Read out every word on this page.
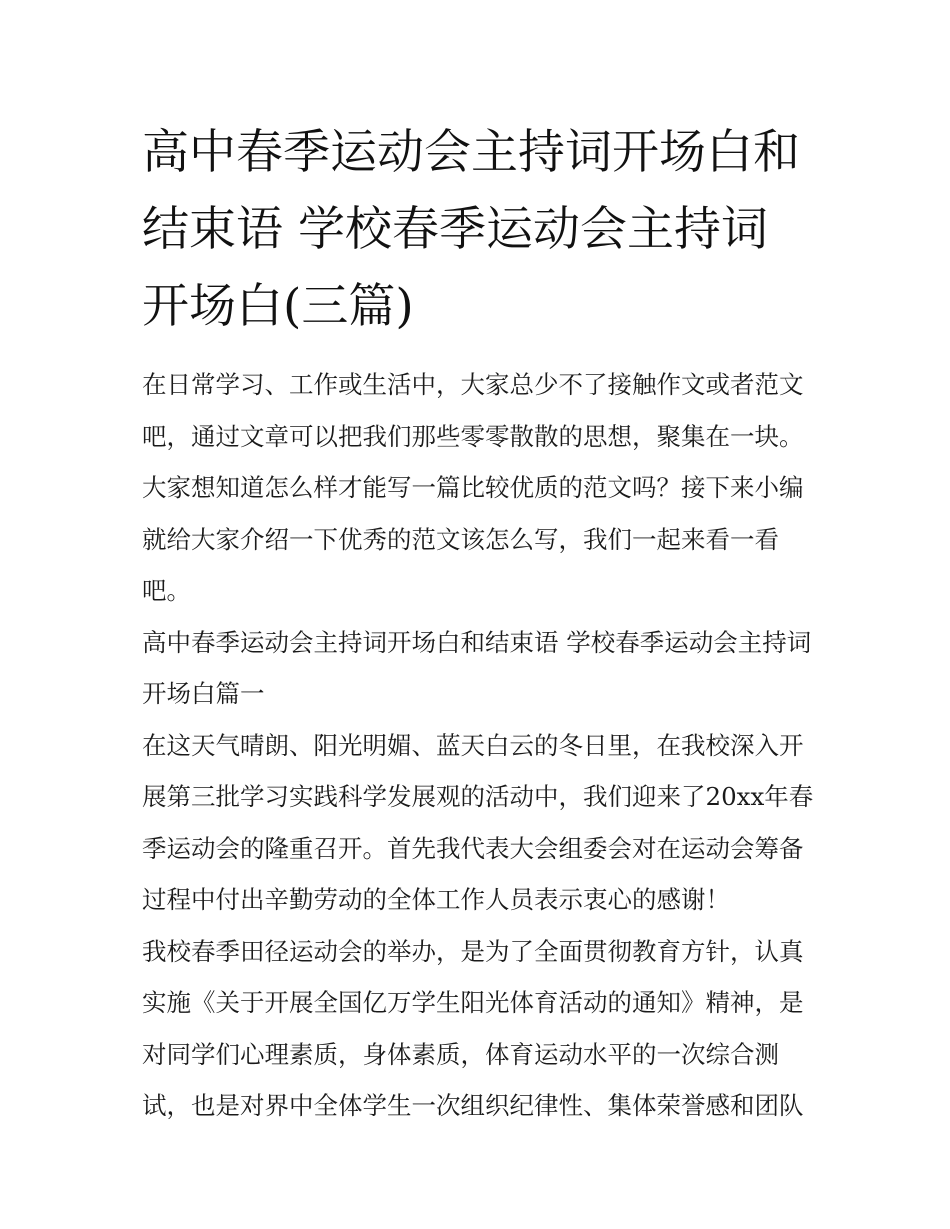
高中春季运动会主持词开场白和结束语 学校春季运动会主持词开场白(三篇)

在日常学习、工作或生活中，大家总少不了接触作文或者范文吧，通过文章可以把我们那些零零散散的思想，聚集在一块。大家想知道怎么样才能写一篇比较优质的范文吗？接下来小编就给大家介绍一下优秀的范文该怎么写，我们一起来看一看吧。

高中春季运动会主持词开场白和结束语 学校春季运动会主持词开场白篇一

在这天气晴朗、阳光明媚、蓝天白云的冬日里，在我校深入开展第三批学习实践科学发展观的活动中，我们迎来了20xx年春季运动会的隆重召开。首先我代表大会组委会对在运动会筹备过程中付出辛勤劳动的全体工作人员表示衷心的感谢！

我校春季田径运动会的举办，是为了全面贯彻教育方针，认真实施《关于开展全国亿万学生阳光体育活动的通知》精神，是对同学们心理素质，身体素质，体育运动水平的一次综合测试，也是对界中全体学生一次组织纪律性、集体荣誉感和团队
